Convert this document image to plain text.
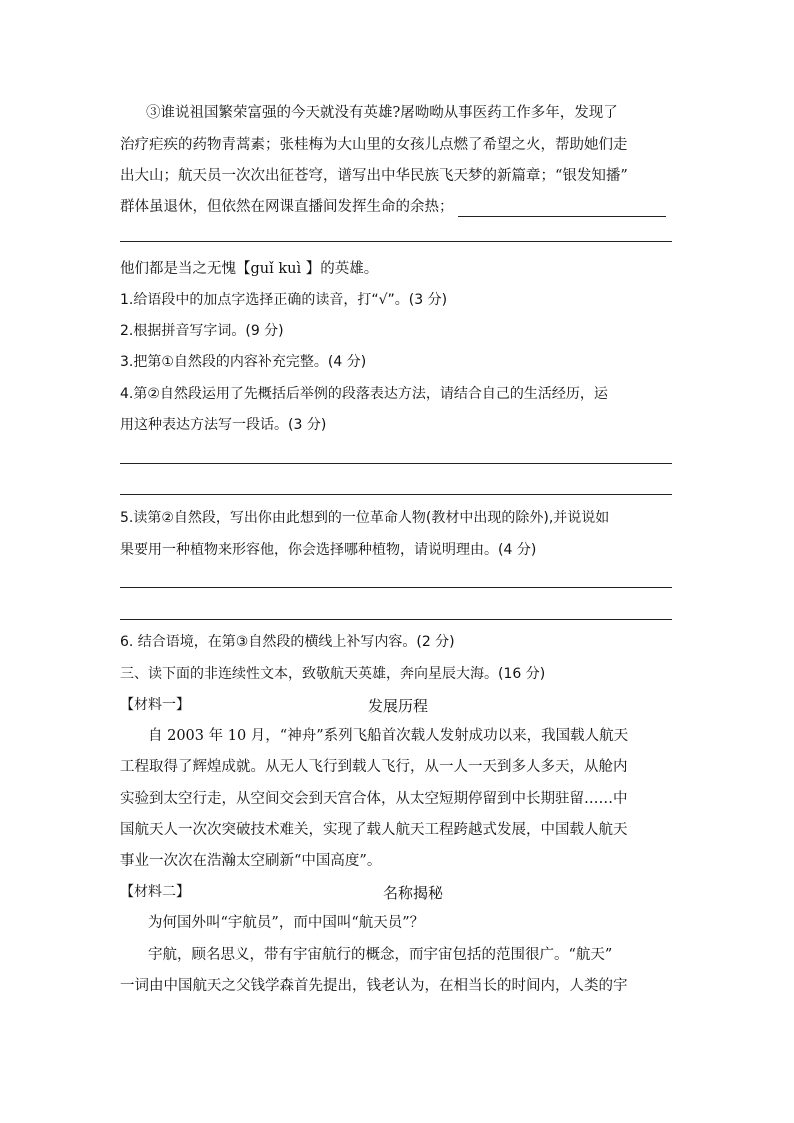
③谁说祖国繁荣富强的今天就没有英雄?屠呦呦从事医药工作多年，发现了
治疗疟疾的药物青蒿素；张桂梅为大山里的女孩儿点燃了希望之火，帮助她们走
出大山；航天员一次次出征苍穹，谱写出中华民族飞天梦的新篇章；“银发知播”
群体虽退休，但依然在网课直播间发挥生命的余热；
他们都是当之无愧【guǐ kuì 】的英雄。
1.给语段中的加点字选择正确的读音，打“√”。(3 分)
2.根据拼音写字词。(9 分)
3.把第①自然段的内容补充完整。(4 分)
4.第②自然段运用了先概括后举例的段落表达方法，请结合自己的生活经历，运
用这种表达方法写一段话。(3 分)
5.读第②自然段，写出你由此想到的一位革命人物(教材中出现的除外),并说说如
果要用一种植物来形容他，你会选择哪种植物，请说明理由。(4 分)
6. 结合语境，在第③自然段的横线上补写内容。(2 分)
三、读下面的非连续性文本，致敬航天英雄，奔向星辰大海。(16 分)
【材料一】	发展历程
自 2003 年 10 月，“神舟”系列飞船首次载人发射成功以来，我国载人航天
工程取得了辉煌成就。从无人飞行到载人飞行，从一人一天到多人多天，从舱内
实验到太空行走，从空间交会到天宫合体，从太空短期停留到中长期驻留……中
国航天人一次次突破技术难关，实现了载人航天工程跨越式发展，中国载人航天
事业一次次在浩瀚太空刷新“中国高度”。
【材料二】	名称揭秘
为何国外叫“宇航员”，而中国叫“航天员”？
宇航，顾名思义，带有宇宙航行的概念，而宇宙包括的范围很广。“航天”
一词由中国航天之父钱学森首先提出，钱老认为，在相当长的时间内，人类的宇
